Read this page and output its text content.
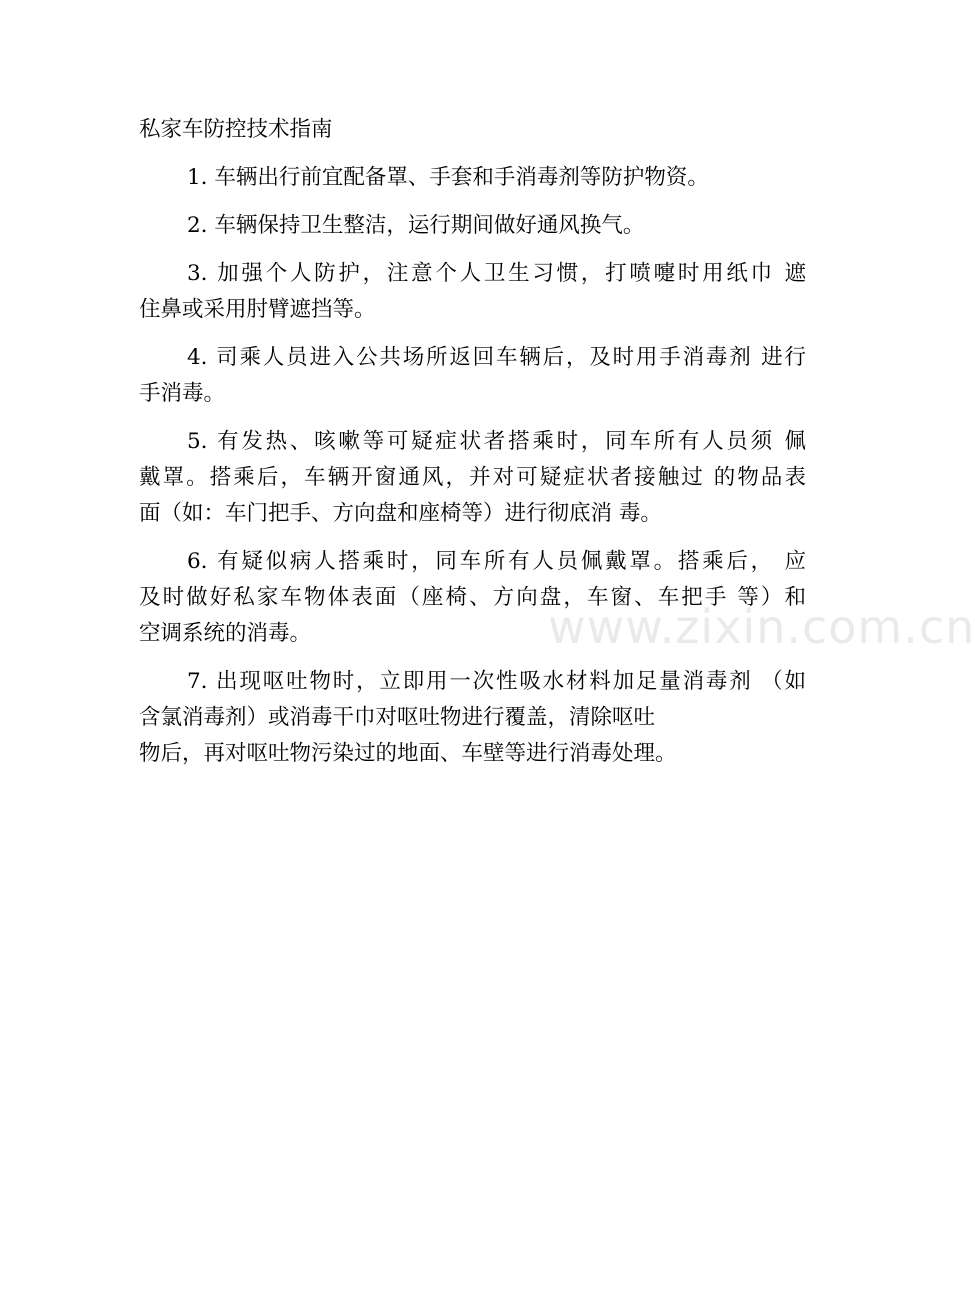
私家车防控技术指南

1. 车辆出行前宜配备罩、手套和手消毒剂等防护物资。
2. 车辆保持卫生整洁，运行期间做好通风换气。
3. 加强个人防护，注意个人卫生习惯，打喷嚏时用纸巾 遮
住鼻或采用肘臂遮挡等。
4. 司乘人员进入公共场所返回车辆后，及时用手消毒剂 进行
手消毒。
5. 有发热、咳嗽等可疑症状者搭乘时，同车所有人员须 佩
戴罩。搭乘后，车辆开窗通风，并对可疑症状者接触过 的物品表
面（如：车门把手、方向盘和座椅等）进行彻底消 毒。
6. 有疑似病人搭乘时，同车所有人员佩戴罩。搭乘后， 应
及时做好私家车物体表面（座椅、方向盘，车窗、车把手 等）和
空调系统的消毒。
7. 出现呕吐物时，立即用一次性吸水材料加足量消毒剂 （如
含氯消毒剂）或消毒干巾对呕吐物进行覆盖，清除呕吐
物后，再对呕吐物污染过的地面、车壁等进行消毒处理。
www.zixin.com.cn
